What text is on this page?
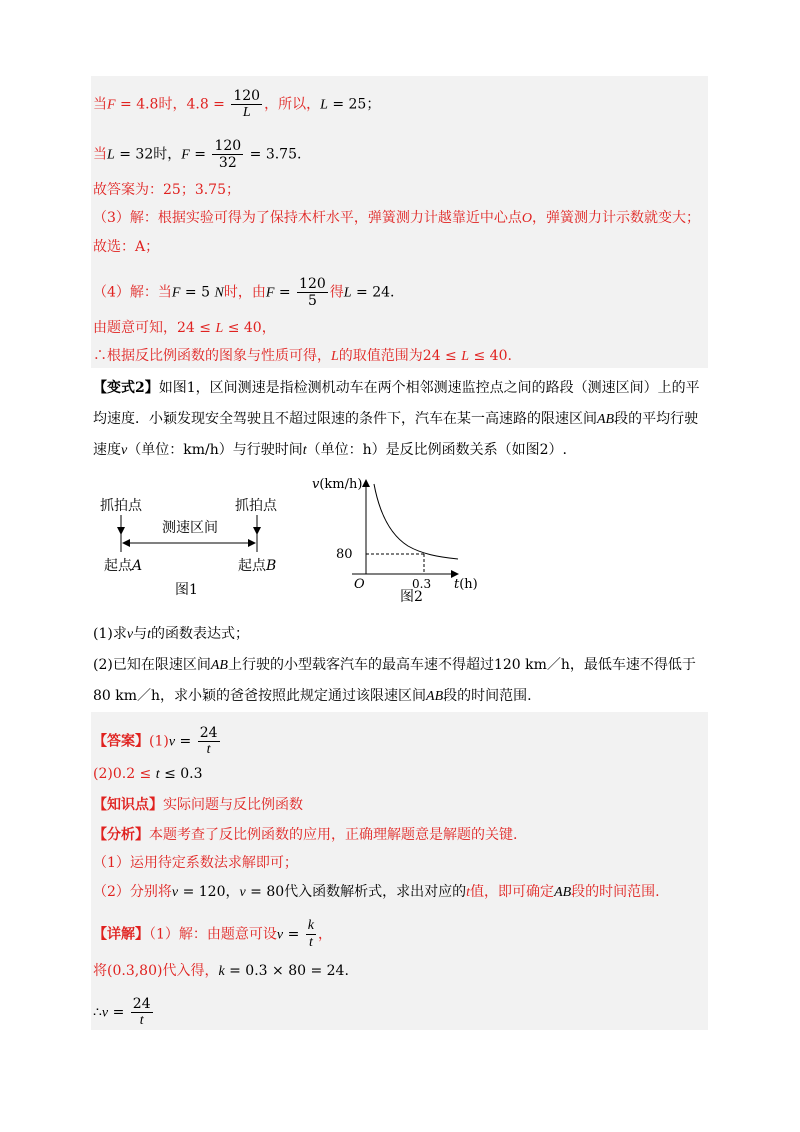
当F = 4.8时，$4.8 = \frac{120}{L}$ ，所以，L = 25；
当L = 32时，$F = \frac{120}{32} = 3.75$.
故答案为：25；3.75；
（3）解：根据实验可得为了保持木杆水平，弹簧测力计越靠近中心点O，弹簧测力计示数就变大；
故选：A；
（4）解：当F = 5 N时，由$F = \frac{120}{5}$ 得L = 24.
由题意可知，24 ≤ L ≤ 40，
∴根据反比例函数的图象与性质可得，L的取值范围为24 ≤ L ≤ 40.
【变式2】如图1，区间测速是指检测机动车在两个相邻测速监控点之间的路段（测速区间）上的平
均速度．小颖发现安全驾驶且不超过限速的条件下，汽车在某一高速路的限速区间AB段的平均行驶
速度v（单位：km/h）与行驶时间t（单位：h）是反比例函数关系（如图2）.
抓拍点	抓拍点
测速区间
起点A	起点B
图1
v(km/h)
80
O	0.3 t(h)
图2
(1)求v与t的函数表达式；
(2)已知在限速区间AB上行驶的小型载客汽车的最高车速不得超过120 km／h，最低车速不得低于
80 km／h，求小颖的爸爸按照此规定通过该限速区间AB段的时间范围.
【答案】$(1)v = \frac{24}{t}$
(2)0.2 ≤ t ≤ 0.3
【知识点】实际问题与反比例函数
【分析】本题考查了反比例函数的应用，正确理解题意是解题的关键.
（1）运用待定系数法求解即可；
（2）分别将v = 120，v = 80代入函数解析式，求出对应的t值，即可确定AB段的时间范围.
【详解】（1）解：由题意可设$v = \frac{k}{t}$ ，
将(0.3,80)代入得，k = 0.3 × 80 = 24.
∴v = $\frac{24}{t}$
